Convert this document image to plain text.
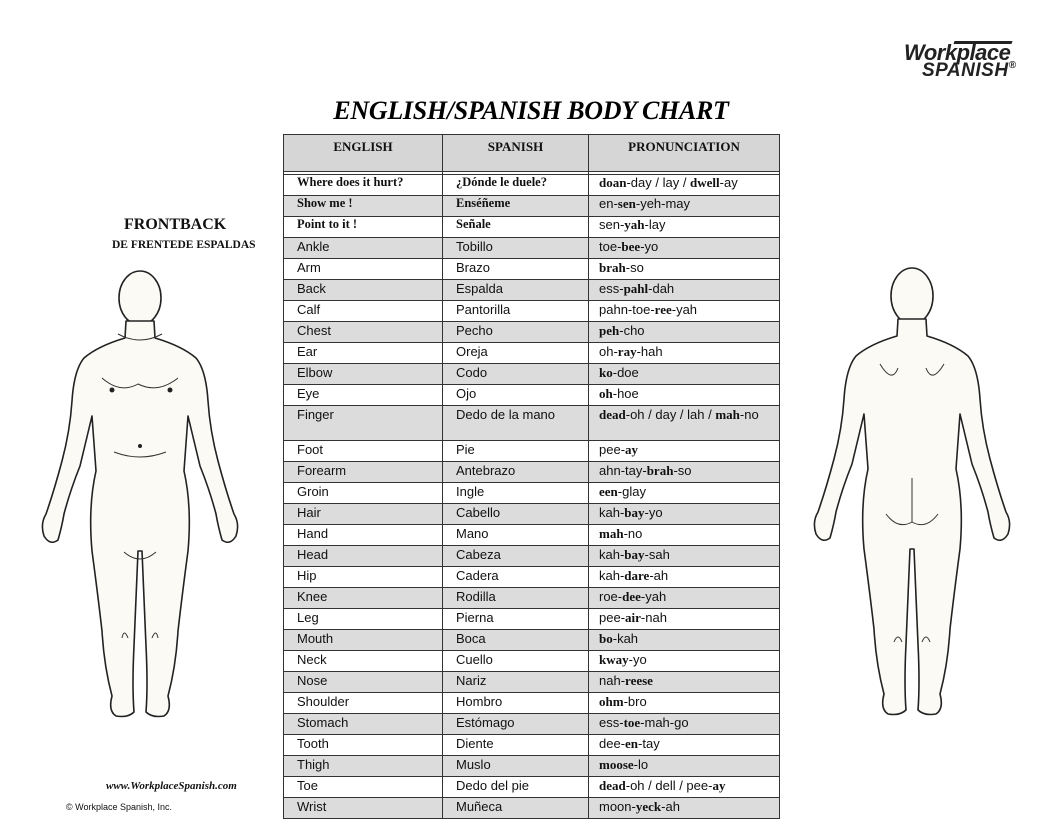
Workplace
SPANISH®
ENGLISH/SPANISH BODY CHART
FRONTBACK
DE FRENTEDE ESPALDAS
ENGLISH	SPANISH	PRONUNCIATION

Where does it hurt?	¿Dónde le duele?	doan-day / lay / dwell-ay
Show me !	Enséñeme	en-sen-yeh-may
Point to it !	Señale	sen-yah-lay
Ankle	Tobillo	toe-bee-yo
Arm	Brazo	brah-so
Back	Espalda	ess-pahl-dah
Calf	Pantorilla	pahn-toe-ree-yah
Chest	Pecho	peh-cho
Ear	Oreja	oh-ray-hah
Elbow	Codo	ko-doe
Eye	Ojo	oh-hoe
Finger	Dedo de la mano	dead-oh / day / lah / mah-no
Foot	Pie	pee-ay
Forearm	Antebrazo	ahn-tay-brah-so
Groin	Ingle	een-glay
Hair	Cabello	kah-bay-yo
Hand	Mano	mah-no
Head	Cabeza	kah-bay-sah
Hip	Cadera	kah-dare-ah
Knee	Rodilla	roe-dee-yah
Leg	Pierna	pee-air-nah
Mouth	Boca	bo-kah
Neck	Cuello	kway-yo
Nose	Nariz	nah-reese
Shoulder	Hombro	ohm-bro
Stomach	Estómago	ess-toe-mah-go
Tooth	Diente	dee-en-tay
Thigh	Muslo	moose-lo
Toe	Dedo del pie	dead-oh / dell / pee-ay
Wrist	Muñeca	moon-yeck-ah
www.WorkplaceSpanish.com
© Workplace Spanish, Inc.
